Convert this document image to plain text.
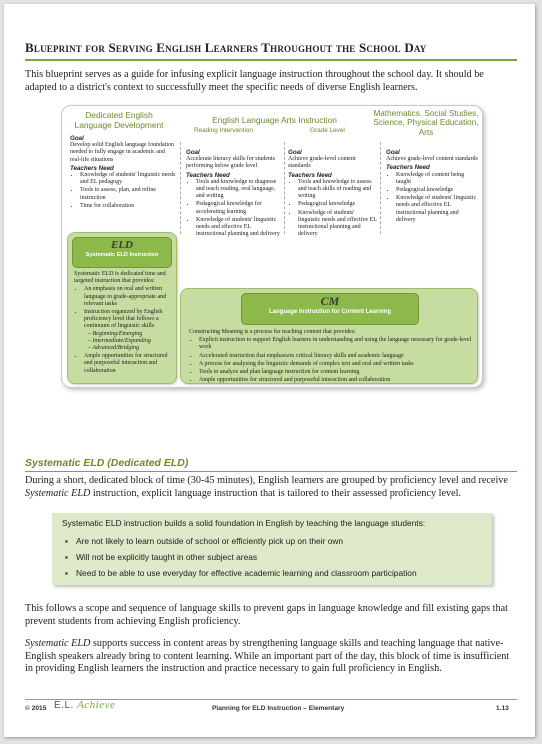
Blueprint for Serving English Learners Throughout the School Day
This blueprint serves as a guide for infusing explicit language instruction throughout the school day. It should be adapted to a district's context to successfully meet the specific needs of diverse English learners.
Dedicated English Language Development	English Language Arts Instruction
Reading Intervention	Grade Level
Mathematics, Social Studies, Science, Physical Education, Arts
Goal
Develop solid English language foundation needed to fully engage in academic and real-life situations
Teachers Need
• Knowledge of students' linguistic needs and EL pedagogy
• Tools to assess, plan, and refine instruction
• Time for collaboration
Goal
Accelerate literacy skills for students performing below grade level
Teachers Need
• Tools and knowledge to diagnose and teach reading, oral language, and writing
• Pedagogical knowledge for accelerating learning
• Knowledge of students' linguistic needs and effective EL instructional planning and delivery
Goal
Achieve grade-level content standards
Teachers Need
• Tools and knowledge to assess and teach skills of reading and writing
• Pedagogical knowledge
• Knowledge of students' linguistic needs and effective EL instructional planning and delivery
Goal
Achieve grade-level content standards
Teachers Need
• Knowledge of content being taught
• Pedagogical knowledge
• Knowledge of students' linguistic needs and effective EL instructional planning and delivery
ELD
Systematic ELD Instruction
Systematic ELD is dedicated time and targeted instruction that provides:
• An emphasis on oral and written language in grade-appropriate and relevant tasks
• Instruction organized by English proficiency level that follows a continuum of linguistic skills
– Beginning/Emerging
– Intermediate/Expanding
– Advanced/Bridging
• Ample opportunities for structured and purposeful interaction and collaboration
CM
Language Instruction for Content Learning
Constructing Meaning is a process for teaching content that provides:
• Explicit instruction to support English learners in understanding and using the language necessary for grade-level work
• Accelerated instruction that emphasizes critical literacy skills and academic language
• A process for analyzing the linguistic demands of complex text and oral and written tasks
• Tools to analyze and plan language instruction for content learning
• Ample opportunities for structured and purposeful interaction and collaboration
Systematic ELD (Dedicated ELD)
During a short, dedicated block of time (30-45 minutes), English learners are grouped by proficiency level and receive Systematic ELD instruction, explicit language instruction that is tailored to their assessed proficiency level.
Systematic ELD instruction builds a solid foundation in English by teaching the language students:
▪ Are not likely to learn outside of school or efficiently pick up on their own
▪ Will not be explicitly taught in other subject areas
▪ Need to be able to use everyday for effective academic learning and classroom participation
This follows a scope and sequence of language skills to prevent gaps in language knowledge and fill existing gaps that prevent students from achieving English proficiency.
Systematic ELD supports success in content areas by strengthening language skills and teaching language that native-English speakers already bring to content learning. While an important part of the day, this block of time is insufficient in providing English learners the instruction and practice necessary to gain full proficiency in English.
© 2015 E.L. Achieve	Planning for ELD Instruction – Elementary	1.13
